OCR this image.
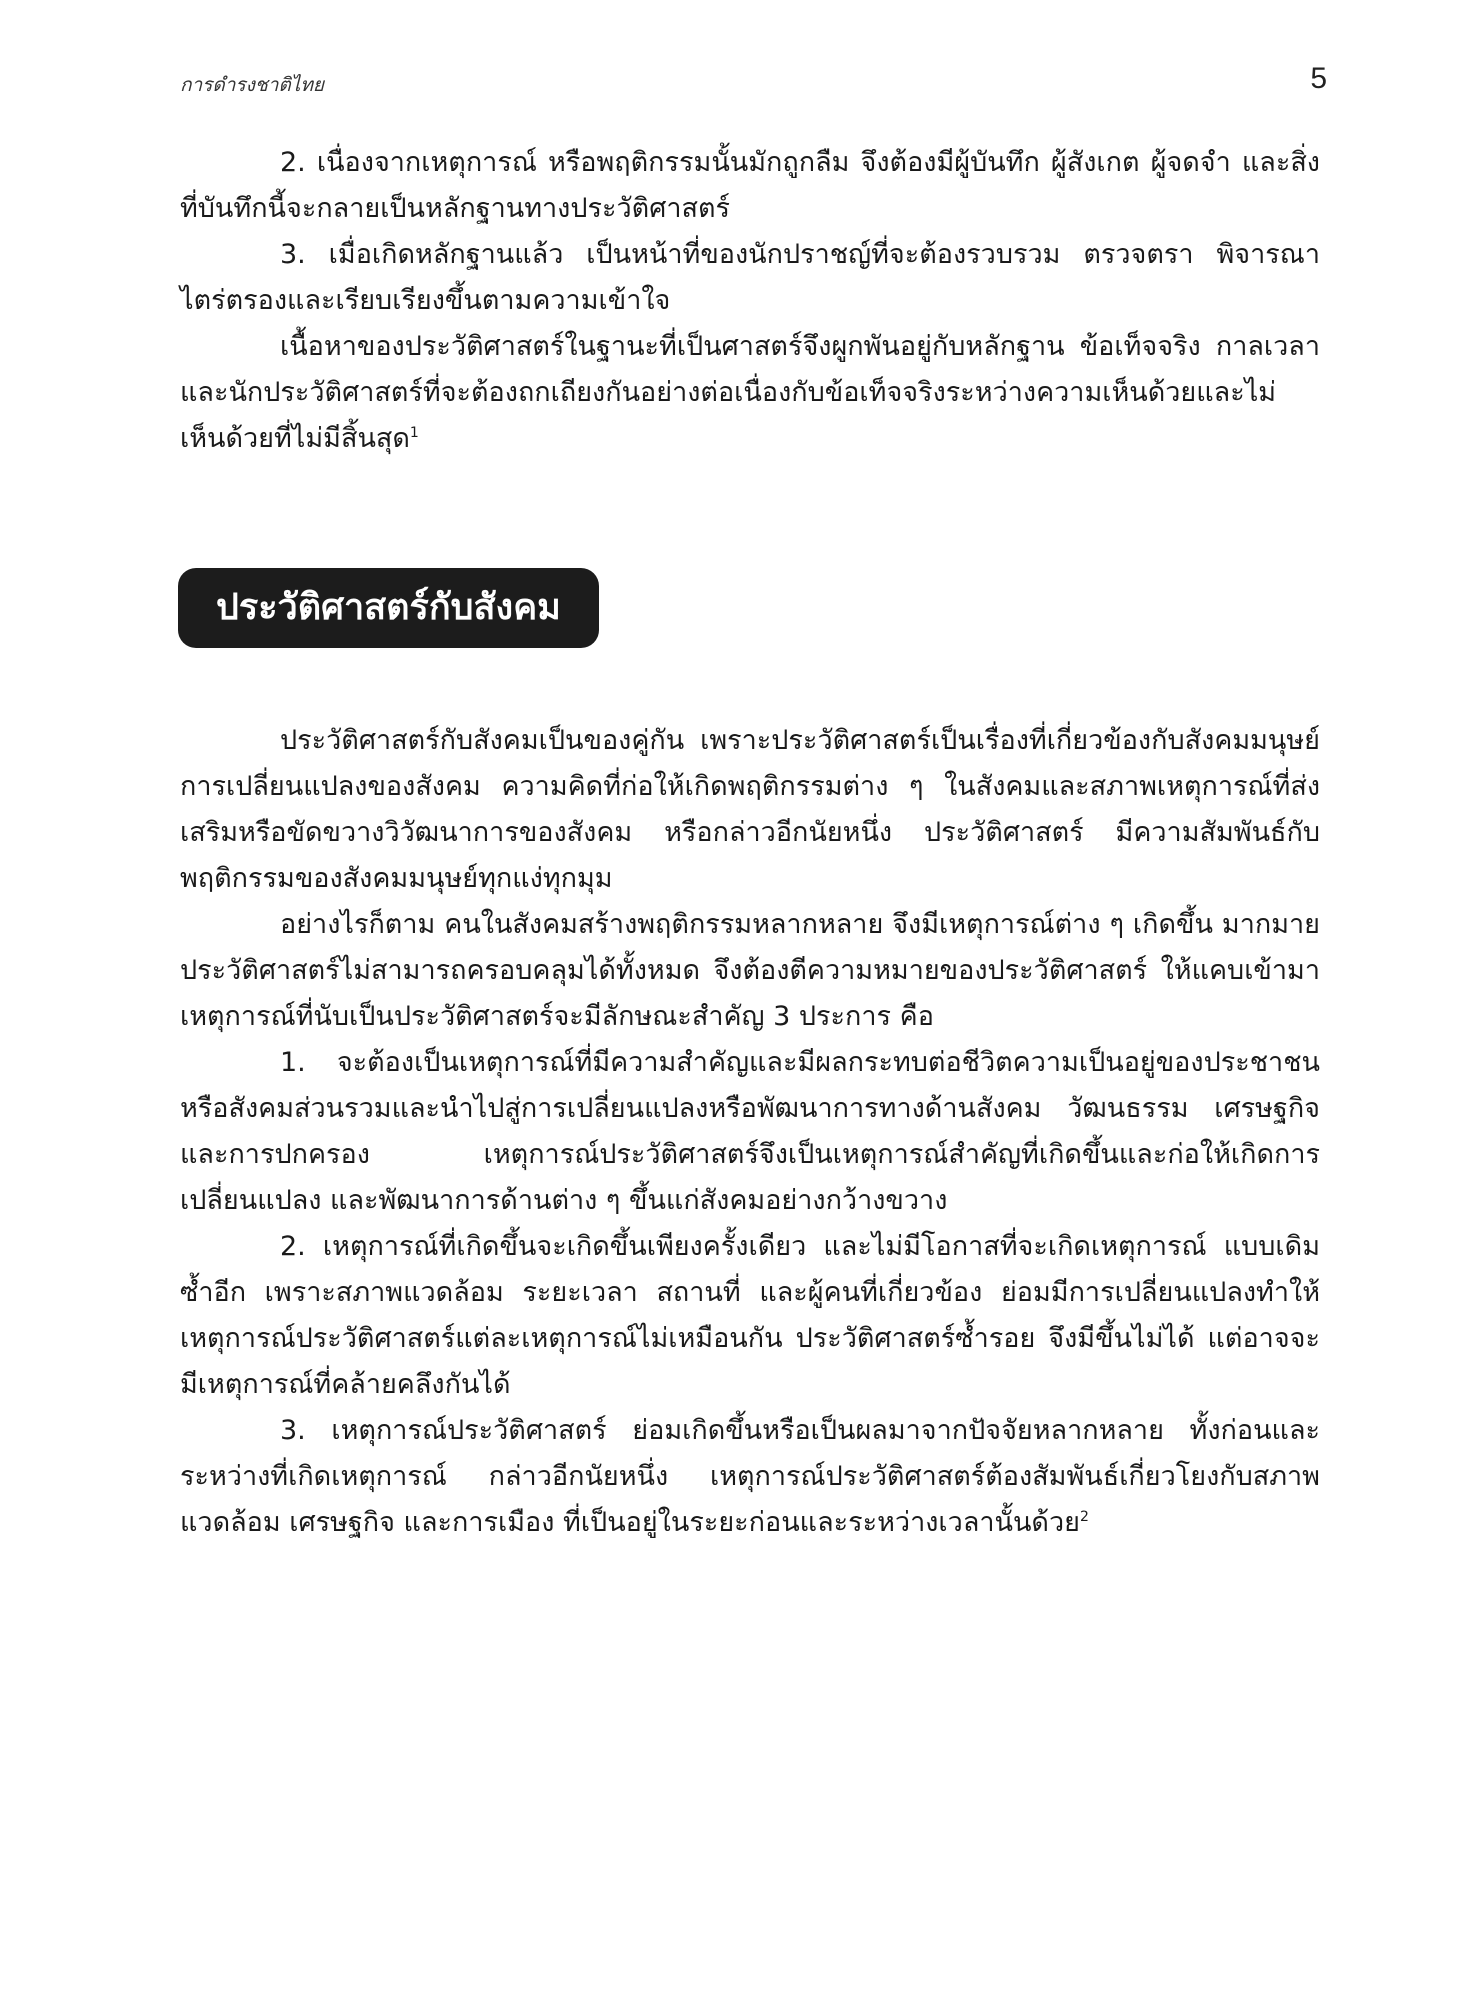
การดำรงชาติไทย	5

2. เนื่องจากเหตุการณ์ หรือพฤติกรรมนั้นมักถูกลืม จึงต้องมีผู้บันทึก ผู้สังเกต ผู้จดจำ และสิ่งที่บันทึกนี้จะกลายเป็นหลักฐานทางประวัติศาสตร์

3. เมื่อเกิดหลักฐานแล้ว เป็นหน้าที่ของนักปราชญ์ที่จะต้องรวบรวม ตรวจตรา พิจารณา ไตร่ตรองและเรียบเรียงขึ้นตามความเข้าใจ

เนื้อหาของประวัติศาสตร์ในฐานะที่เป็นศาสตร์จึงผูกพันอยู่กับหลักฐาน ข้อเท็จจริง กาลเวลาและนักประวัติศาสตร์ที่จะต้องถกเถียงกันอย่างต่อเนื่องกับข้อเท็จจริงระหว่างความเห็นด้วยและไม่เห็นด้วยที่ไม่มีสิ้นสุด$^1$

ประวัติศาสตร์กับสังคม

ประวัติศาสตร์กับสังคมเป็นของคู่กัน เพราะประวัติศาสตร์เป็นเรื่องที่เกี่ยวข้องกับสังคมมนุษย์ การเปลี่ยนแปลงของสังคม ความคิดที่ก่อให้เกิดพฤติกรรมต่าง ๆ ในสังคมและสภาพเหตุการณ์ที่ส่งเสริมหรือขัดขวางวิวัฒนาการของสังคม หรือกล่าวอีกนัยหนึ่ง ประวัติศาสตร์ มีความสัมพันธ์กับพฤติกรรมของสังคมมนุษย์ทุกแง่ทุกมุม

อย่างไรก็ตาม คนในสังคมสร้างพฤติกรรมหลากหลาย จึงมีเหตุการณ์ต่าง ๆ เกิดขึ้น มากมาย ประวัติศาสตร์ไม่สามารถครอบคลุมได้ทั้งหมด จึงต้องตีความหมายของประวัติศาสตร์ ให้แคบเข้ามา เหตุการณ์ที่นับเป็นประวัติศาสตร์จะมีลักษณะสำคัญ 3 ประการ คือ

1. จะต้องเป็นเหตุการณ์ที่มีความสำคัญและมีผลกระทบต่อชีวิตความเป็นอยู่ของประชาชนหรือสังคมส่วนรวมและนำไปสู่การเปลี่ยนแปลงหรือพัฒนาการทางด้านสังคม วัฒนธรรม เศรษฐกิจ และการปกครอง เหตุการณ์ประวัติศาสตร์จึงเป็นเหตุการณ์สำคัญที่เกิดขึ้นและก่อให้เกิดการเปลี่ยนแปลง และพัฒนาการด้านต่าง ๆ ขึ้นแก่สังคมอย่างกว้างขวาง

2. เหตุการณ์ที่เกิดขึ้นจะเกิดขึ้นเพียงครั้งเดียว และไม่มีโอกาสที่จะเกิดเหตุการณ์ แบบเดิมซ้ำอีก เพราะสภาพแวดล้อม ระยะเวลา สถานที่ และผู้คนที่เกี่ยวข้อง ย่อมมีการเปลี่ยนแปลงทำให้เหตุการณ์ประวัติศาสตร์แต่ละเหตุการณ์ไม่เหมือนกัน ประวัติศาสตร์ซ้ำรอย จึงมีขึ้นไม่ได้ แต่อาจจะมีเหตุการณ์ที่คล้ายคลึงกันได้

3. เหตุการณ์ประวัติศาสตร์ ย่อมเกิดขึ้นหรือเป็นผลมาจากปัจจัยหลากหลาย ทั้งก่อนและระหว่างที่เกิดเหตุการณ์ กล่าวอีกนัยหนึ่ง เหตุการณ์ประวัติศาสตร์ต้องสัมพันธ์เกี่ยวโยงกับสภาพแวดล้อม เศรษฐกิจ และการเมือง ที่เป็นอยู่ในระยะก่อนและระหว่างเวลานั้นด้วย$^2$
